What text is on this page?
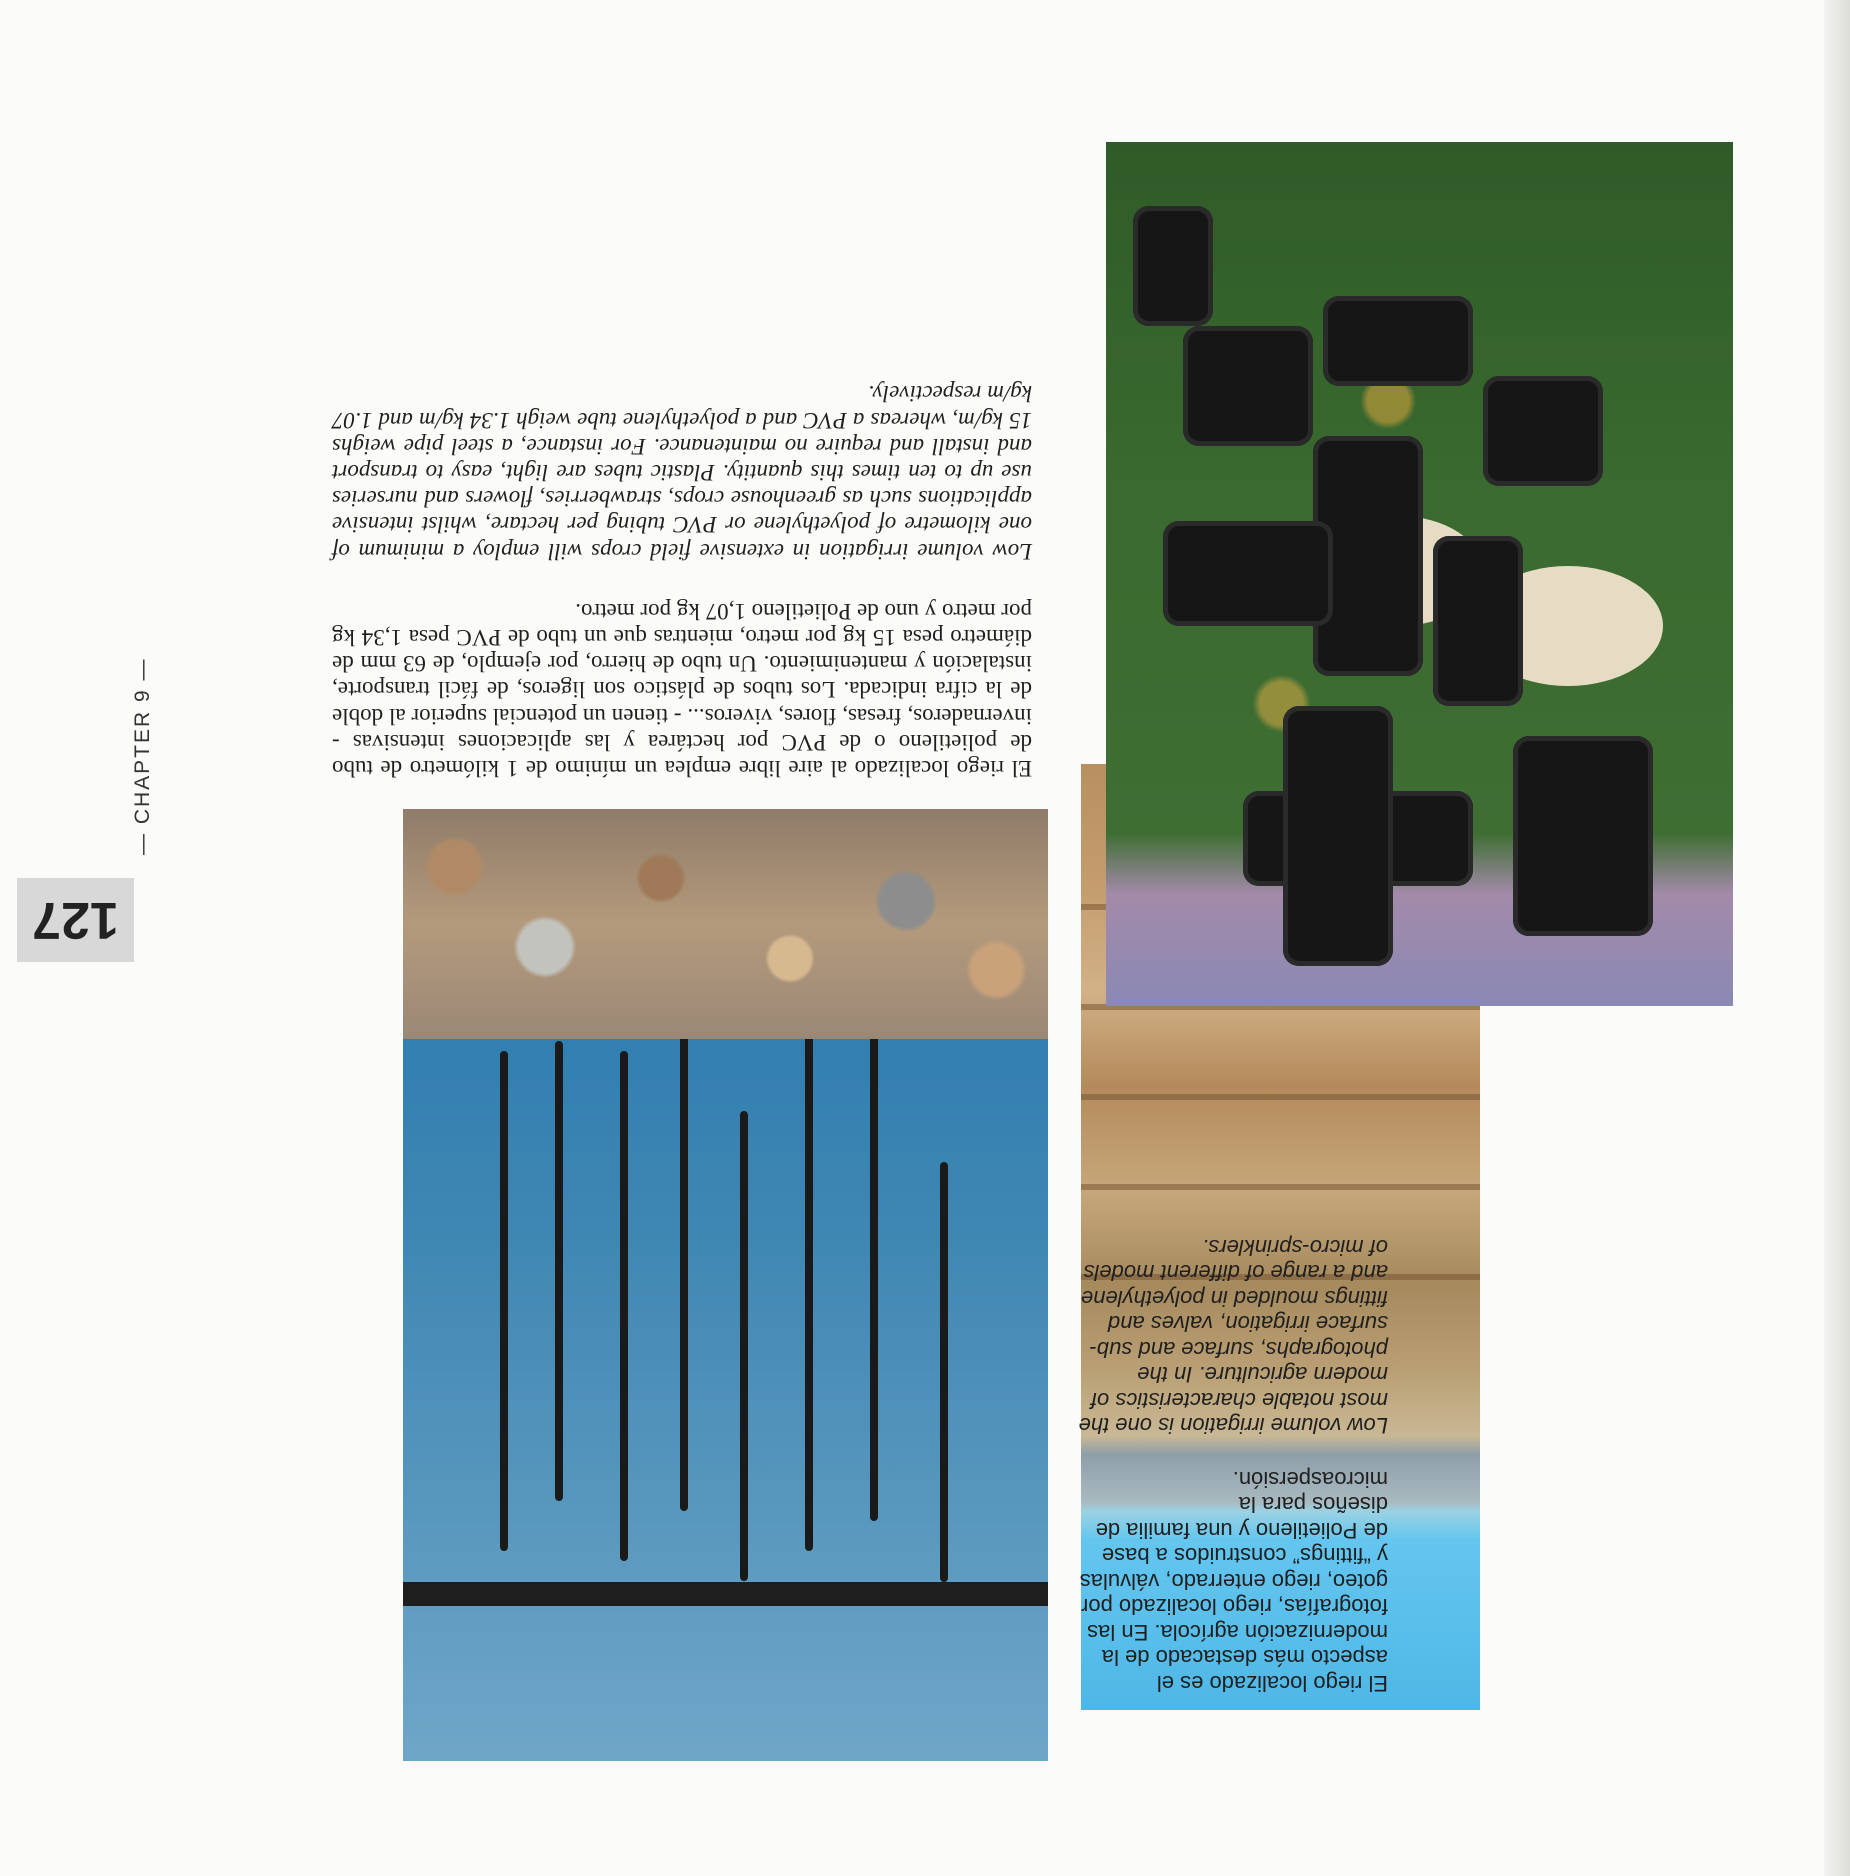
El riego localizado es el aspecto más destacado de la modernización agrícola. En las fotografías, riego localizado por goteo, riego enterrado, válvulas y “fittings” construidos a base de Polietileno y una familia de diseños para la microaspersión.

Low volume irrigation is one the most notable characteristics of modern agriculture. In the photographs, surface and sub-surface irrigation, valves and fittings moulded in polyethylene and a range of different models of micro-sprinklers.

El riego localizado al aire libre emplea un mínimo de 1 kilómetro de tubo de polietileno o de PVC por hectárea y las aplicaciones intensivas -invernaderos, fresas, flores, viveros... - tienen un potencial superior al doble de la cifra indicada. Los tubos de plástico son ligeros, de fácil transporte, instalación y mantenimiento. Un tubo de hierro, por ejemplo, de 63 mm de diámetro pesa 15 kg por metro, mientras que un tubo de PVC pesa 1,34 kg por metro y uno de Polietileno 1,07 kg por metro.

Low volume irrigation in extensive field crops will employ a minimum of one kilometre of polyethylene or PVC tubing per hectare, whilst intensive applications such as greenhouse crops, strawberries, flowers and nurseries use up to ten times this quantity. Plastic tubes are light, easy to transport and install and require no maintenance. For instance, a steel pipe weighs 15 kg/m, whereas a PVC and a polyethylene tube weigh 1.34 kg/m and 1.07 kg/m respectively.

127
— CHAPTER 9 —
